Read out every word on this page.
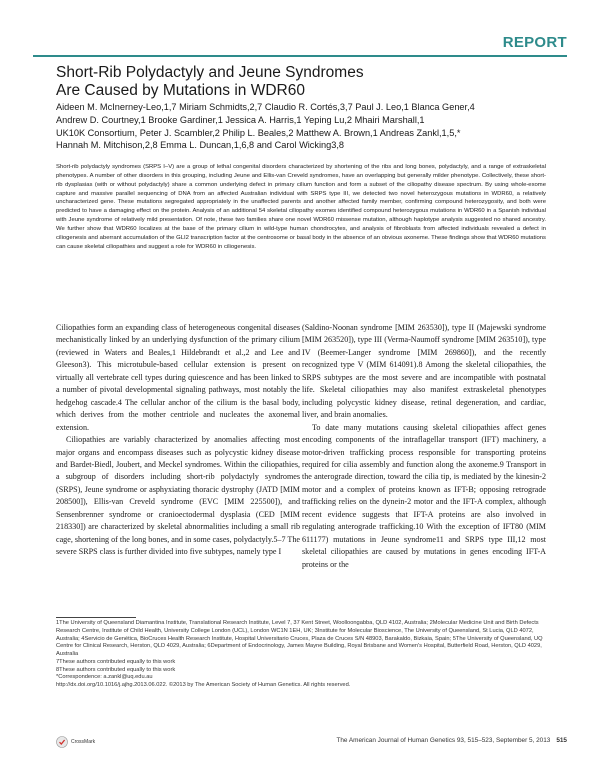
REPORT
Short-Rib Polydactyly and Jeune Syndromes
Are Caused by Mutations in WDR60
Aideen M. McInerney-Leo,1,7 Miriam Schmidts,2,7 Claudio R. Cortés,3,7 Paul J. Leo,1 Blanca Gener,4
Andrew D. Courtney,1 Brooke Gardiner,1 Jessica A. Harris,1 Yeping Lu,2 Mhairi Marshall,1
UK10K Consortium, Peter J. Scambler,2 Philip L. Beales,2 Matthew A. Brown,1 Andreas Zankl,1,5,*
Hannah M. Mitchison,2,8 Emma L. Duncan,1,6,8 and Carol Wicking3,8
Short-rib polydactyly syndromes (SRPS I–V) are a group of lethal congenital disorders characterized by shortening of the ribs and long bones, polydactyly, and a range of extraskeletal phenotypes. A number of other disorders in this grouping, including Jeune and Ellis-van Creveld syndromes, have an overlapping but generally milder phenotype. Collectively, these short-rib dysplasias (with or without polydactyly) share a common underlying defect in primary cilium function and form a subset of the ciliopathy disease spectrum. By using whole-exome capture and massive parallel sequencing of DNA from an affected Australian individual with SRPS type III, we detected two novel heterozygous mutations in WDR60, a relatively uncharacterized gene. These mutations segregated appropriately in the unaffected parents and another affected family member, confirming compound heterozygosity, and both were predicted to have a damaging effect on the protein. Analysis of an additional 54 skeletal ciliopathy exomes identified compound heterozygous mutations in WDR60 in a Spanish individual with Jeune syndrome of relatively mild presentation. Of note, these two families share one novel WDR60 missense mutation, although haplotype analysis suggested no shared ancestry. We further show that WDR60 localizes at the base of the primary cilium in wild-type human chondrocytes, and analysis of fibroblasts from affected individuals revealed a defect in ciliogenesis and aberrant accumulation of the GLI2 transcription factor at the centrosome or basal body in the absence of an obvious axoneme. These findings show that WDR60 mutations can cause skeletal ciliopathies and suggest a role for WDR60 in ciliogenesis.

Ciliopathies form an expanding class of heterogeneous congenital diseases mechanistically linked by an underlying dysfunction of the primary cilium (reviewed in Waters and Beales,1 Hildebrandt et al.,2 and Lee and Gleeson3). This microtubule-based cellular extension is present on virtually all vertebrate cell types during quiescence and has been linked to a number of pivotal developmental signaling pathways, most notably the hedgehog cascade.4 The cellular anchor of the cilium is the basal body, which derives from the mother centriole and nucleates the axonemal extension.

Ciliopathies are variably characterized by anomalies affecting most major organs and encompass diseases such as polycystic kidney disease and Bardet-Biedl, Joubert, and Meckel syndromes. Within the ciliopathies, a subgroup of disorders including short-rib polydactyly syndromes (SRPS), Jeune syndrome or asphyxiating thoracic dystrophy (JATD [MIM 208500]), Ellis-van Creveld syndrome (EVC [MIM 225500]), and Sensenbrenner syndrome or cranioectodermal dysplasia (CED [MIM 218330]) are characterized by skeletal abnormalities including a small rib cage, shortening of the long bones, and in some cases, polydactyly.5–7 The severe SRPS class is further divided into five subtypes, namely type I

(Saldino-Noonan syndrome [MIM 263530]), type II (Majewski syndrome [MIM 263520]), type III (Verma-Naumoff syndrome [MIM 263510]), type IV (Beemer-Langer syndrome [MIM 269860]), and the recently recognized type V (MIM 614091).8 Among the skeletal ciliopathies, the SRPS subtypes are the most severe and are incompatible with postnatal life. Skeletal ciliopathies may also manifest extraskeletal phenotypes including polycystic kidney disease, retinal degeneration, and cardiac, liver, and brain anomalies.

To date many mutations causing skeletal ciliopathies affect genes encoding components of the intraflagellar transport (IFT) machinery, a motor-driven trafficking process responsible for transporting proteins required for cilia assembly and function along the axoneme.9 Transport in the anterograde direction, toward the cilia tip, is mediated by the kinesin-2 motor and a complex of proteins known as IFT-B; opposing retrograde trafficking relies on the dynein-2 motor and the IFT-A complex, although recent evidence suggests that IFT-A proteins are also involved in regulating anterograde trafficking.10 With the exception of IFT80 (MIM 611177) mutations in Jeune syndrome11 and SRPS type III,12 most skeletal ciliopathies are caused by mutations in genes encoding IFT-A proteins or the

1The University of Queensland Diamantina Institute, Translational Research Institute, Level 7, 37 Kent Street, Woolloongabba, QLD 4102, Australia; 2Molecular Medicine Unit and Birth Defects Research Centre, Institute of Child Health, University College London (UCL), London WC1N 1EH, UK; 3Institute for Molecular Bioscience, The University of Queensland, St Lucia, QLD 4072, Australia; 4Servicio de Genética, BioCruces Health Research Institute, Hospital Universitario Cruces, Plaza de Cruces S/N 48903, Barakaldo, Bizkaia, Spain; 5The University of Queensland, UQ Centre for Clinical Research, Herston, QLD 4029, Australia; 6Department of Endocrinology, James Mayne Building, Royal Brisbane and Women's Hospital, Butterfield Road, Herston, QLD 4029, Australia

7These authors contributed equally to this work

8These authors contributed equally to this work

*Correspondence: a.zankl@uq.edu.au

http://dx.doi.org/10.1016/j.ajhg.2013.06.022. ©2013 by The American Society of Human Genetics. All rights reserved.

CrossMark	The American Journal of Human Genetics 93, 515–523, September 5, 2013 515
